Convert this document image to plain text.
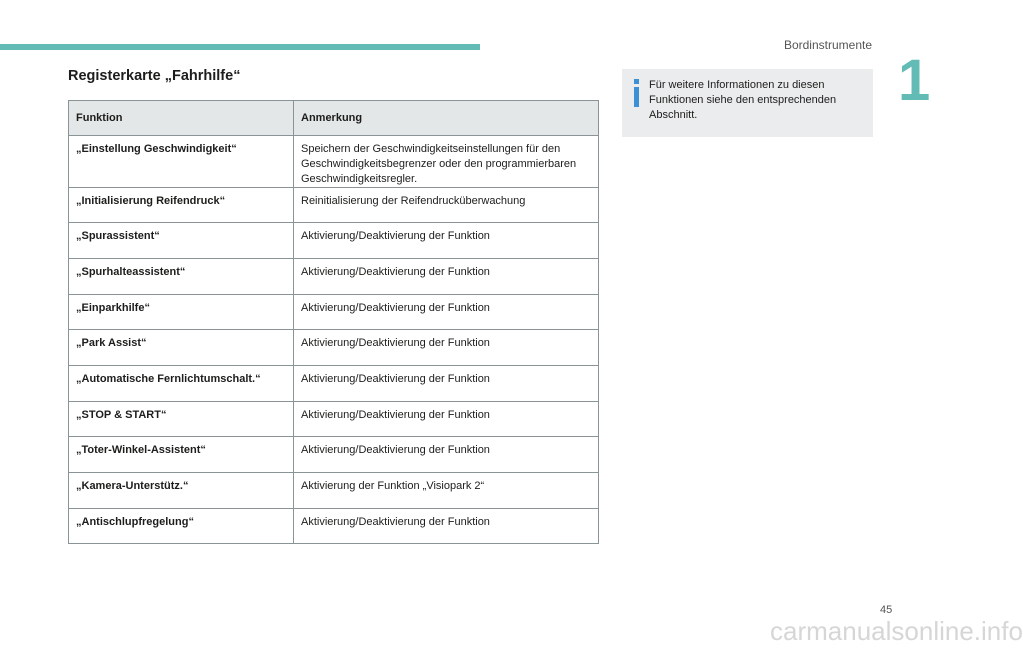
Bordinstrumente
1
Registerkarte „Fahrhilfe“
Funktion	Anmerkung
„Einstellung Geschwindigkeit“	Speichern der Geschwindigkeitseinstellungen für den Geschwindigkeitsbegrenzer oder den programmierbaren Geschwindigkeitsregler.
„Initialisierung Reifendruck“	Reinitialisierung der Reifendrucküberwachung
„Spurassistent“	Aktivierung/Deaktivierung der Funktion
„Spurhalteassistent“	Aktivierung/Deaktivierung der Funktion
„Einparkhilfe“	Aktivierung/Deaktivierung der Funktion
„Park Assist“	Aktivierung/Deaktivierung der Funktion
„Automatische Fernlichtumschalt.“	Aktivierung/Deaktivierung der Funktion
„STOP & START“	Aktivierung/Deaktivierung der Funktion
„Toter-Winkel-Assistent“	Aktivierung/Deaktivierung der Funktion
„Kamera-Unterstütz.“	Aktivierung der Funktion „Visiopark 2“
„Antischlupfregelung“	Aktivierung/Deaktivierung der Funktion
Für weitere Informationen zu diesen Funktionen siehe den entsprechenden Abschnitt.
45
carmanualsonline.info
